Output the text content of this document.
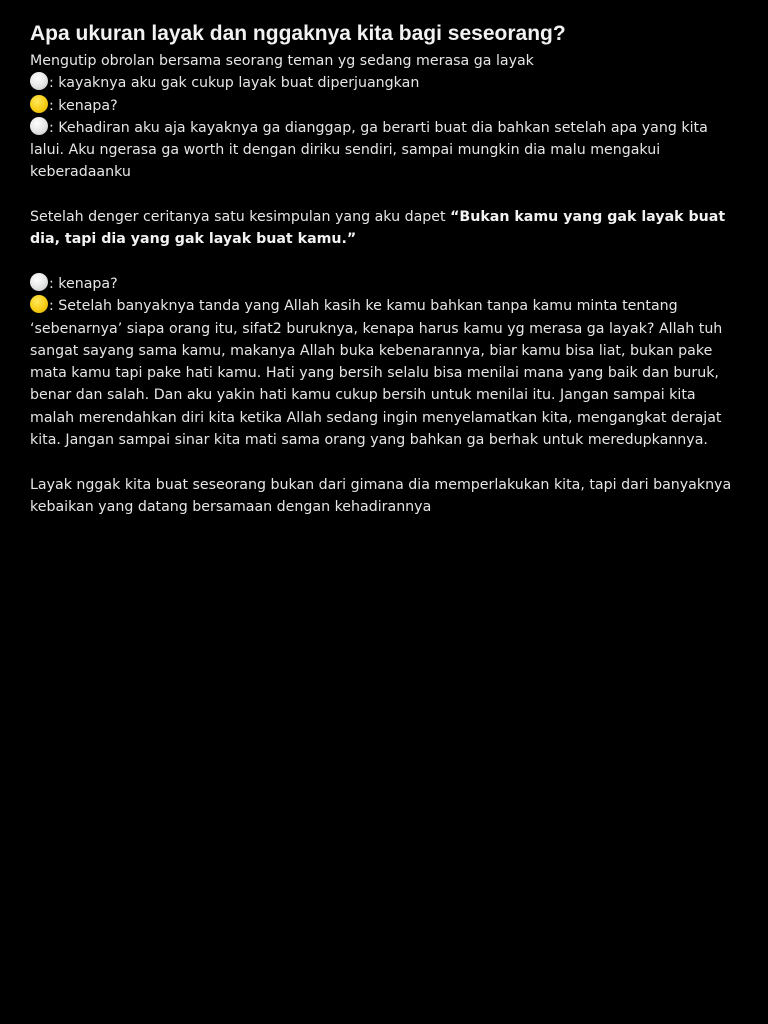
Apa ukuran layak dan nggaknya kita bagi seseorang?
Mengutip obrolan bersama seorang teman yg sedang merasa ga layak
: kayaknya aku gak cukup layak buat diperjuangkan
: kenapa?
: Kehadiran aku aja kayaknya ga dianggap, ga berarti buat dia bahkan setelah apa yang kita lalui. Aku ngerasa ga worth it dengan diriku sendiri, sampai mungkin dia malu mengakui keberadaanku
Setelah denger ceritanya satu kesimpulan yang aku dapet “Bukan kamu yang gak layak buat dia, tapi dia yang gak layak buat kamu.”
: kenapa?
: Setelah banyaknya tanda yang Allah kasih ke kamu bahkan tanpa kamu minta tentang ‘sebenarnya’ siapa orang itu, sifat2 buruknya, kenapa harus kamu yg merasa ga layak? Allah tuh sangat sayang sama kamu, makanya Allah buka kebenarannya, biar kamu bisa liat, bukan pake mata kamu tapi pake hati kamu. Hati yang bersih selalu bisa menilai mana yang baik dan buruk, benar dan salah. Dan aku yakin hati kamu cukup bersih untuk menilai itu. Jangan sampai kita malah merendahkan diri kita ketika Allah sedang ingin menyelamatkan kita, mengangkat derajat kita. Jangan sampai sinar kita mati sama orang yang bahkan ga berhak untuk meredupkannya.
Layak nggak kita buat seseorang bukan dari gimana dia memperlakukan kita, tapi dari banyaknya kebaikan yang datang bersamaan dengan kehadirannya
